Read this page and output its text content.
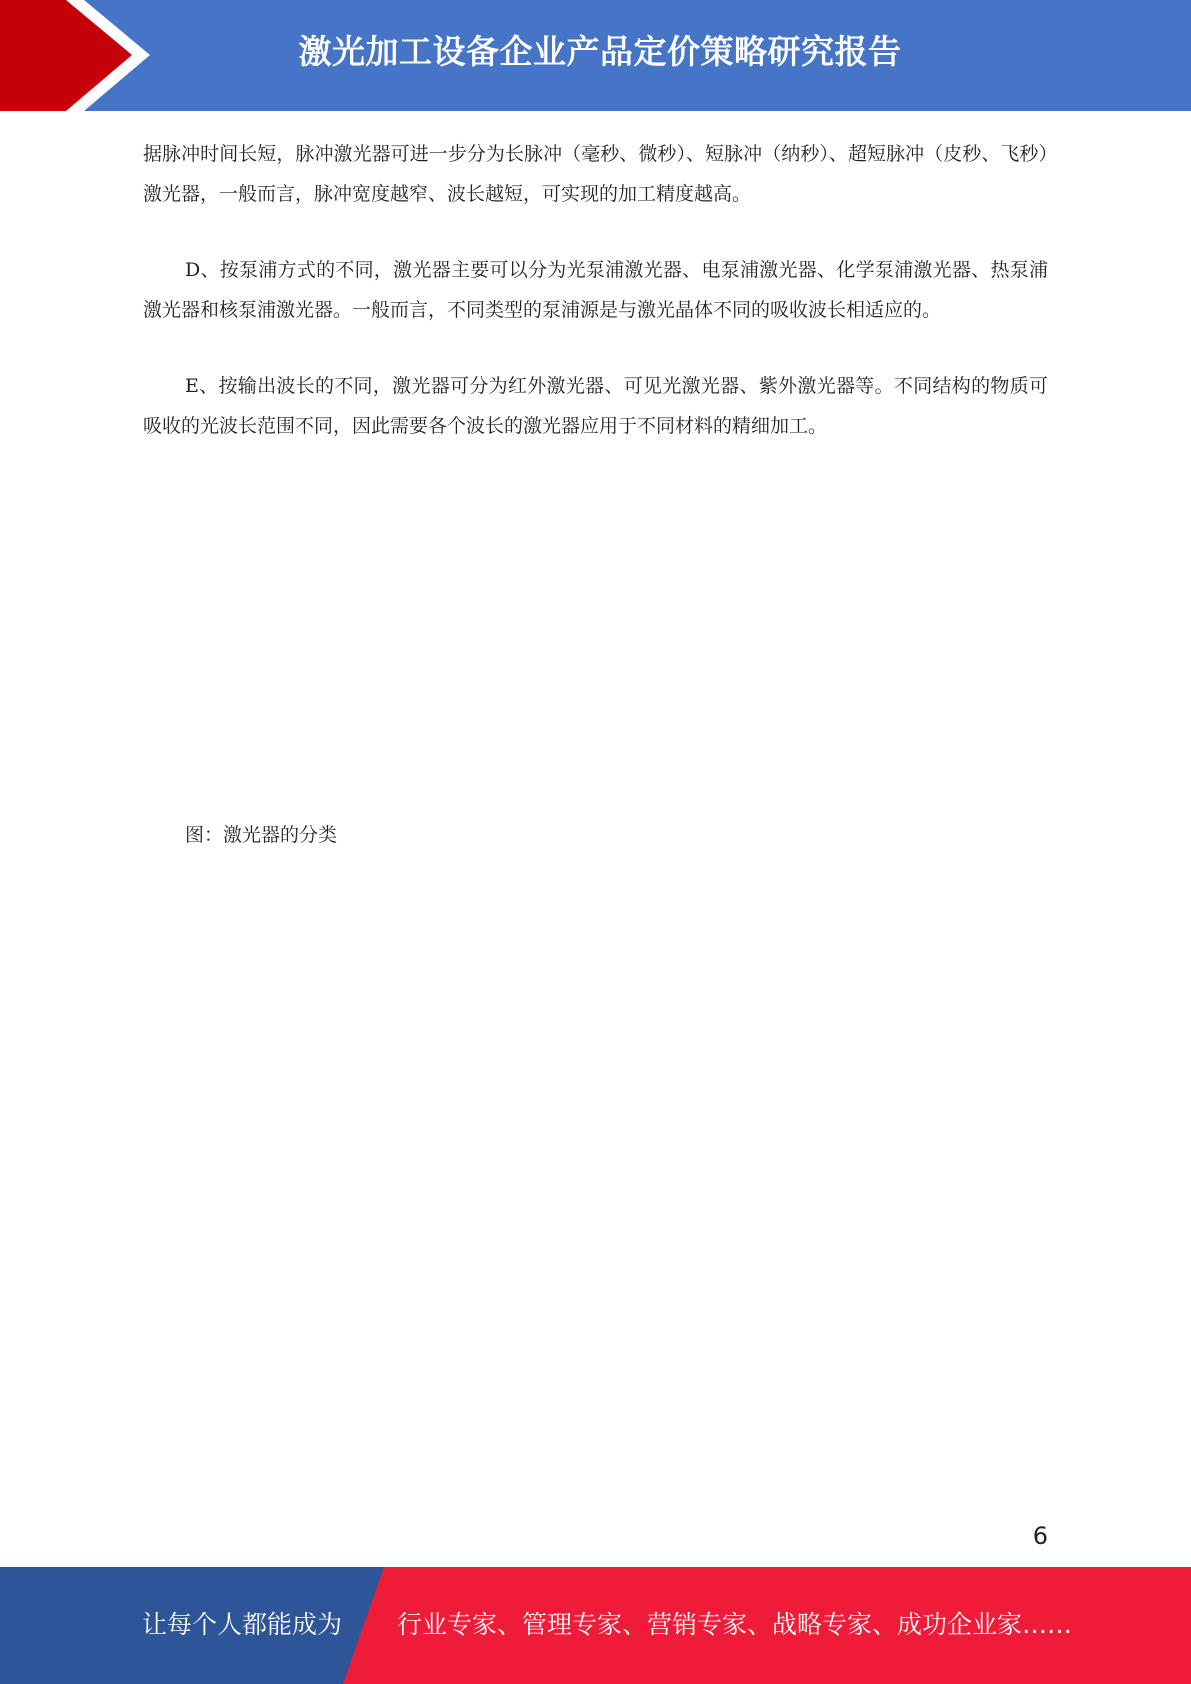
激光加工设备企业产品定价策略研究报告

据脉冲时间长短，脉冲激光器可进一步分为长脉冲（毫秒、微秒）、短脉冲（纳秒）、超短脉冲（皮秒、飞秒）激光器，一般而言，脉冲宽度越窄、波长越短，可实现的加工精度越高。

D、按泵浦方式的不同，激光器主要可以分为光泵浦激光器、电泵浦激光器、化学泵浦激光器、热泵浦激光器和核泵浦激光器。一般而言，不同类型的泵浦源是与激光晶体不同的吸收波长相适应的。

E、按输出波长的不同，激光器可分为红外激光器、可见光激光器、紫外激光器等。不同结构的物质可吸收的光波长范围不同，因此需要各个波长的激光器应用于不同材料的精细加工。

图：激光器的分类
6
让每个人都能成为 行业专家、管理专家、营销专家、战略专家、成功企业家……
